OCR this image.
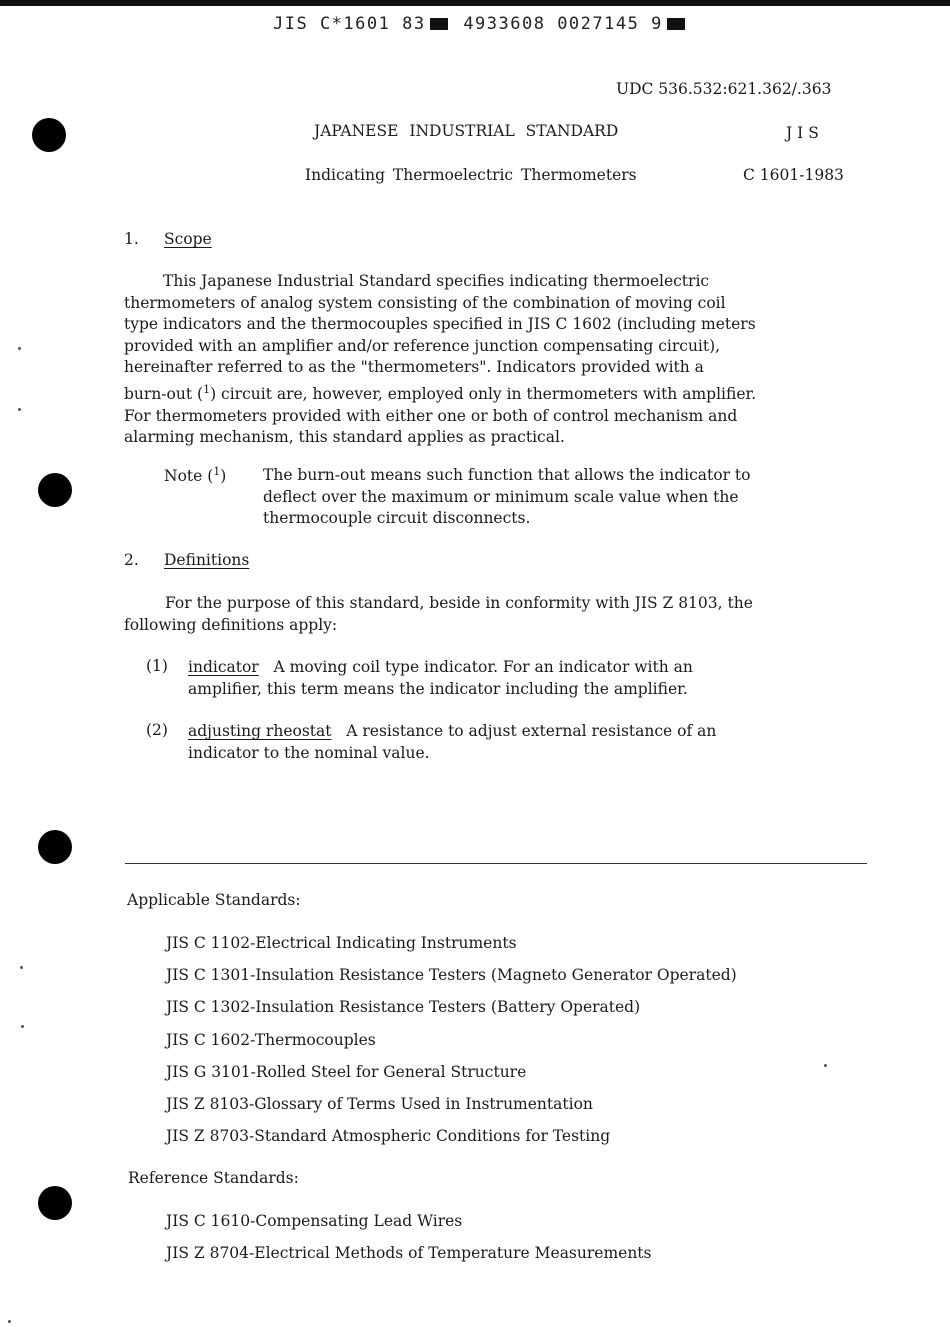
JIS C*1601 83 4933608 0027145 9
UDC 536.532:621.362/.363
JAPANESE INDUSTRIAL STANDARD	J I S
Indicating Thermoelectric Thermometers	C 1601-1983
1. Scope

This Japanese Industrial Standard specifies indicating thermoelectric

thermometers of analog system consisting of the combination of moving coil

type indicators and the thermocouples specified in JIS C 1602 (including meters

provided with an amplifier and/or reference junction compensating circuit),

hereinafter referred to as the "thermometers". Indicators provided with a

burn-out ($^1$) circuit are, however, employed only in thermometers with amplifier.

For thermometers provided with either one or both of control mechanism and

alarming mechanism, this standard applies as practical.

Note ($^1$) The burn-out means such function that allows the indicator to

deflect over the maximum or minimum scale value when the

thermocouple circuit disconnects.

2. Definitions

For the purpose of this standard, beside in conformity with JIS Z 8103, the

following definitions apply:

(1) indicator A moving coil type indicator. For an indicator with an

amplifier, this term means the indicator including the amplifier.

(2) adjusting rheostat A resistance to adjust external resistance of an

indicator to the nominal value.

Applicable Standards:
JIS C 1102-Electrical Indicating Instruments
JIS C 1301-Insulation Resistance Testers (Magneto Generator Operated)
JIS C 1302-Insulation Resistance Testers (Battery Operated)
JIS C 1602-Thermocouples
JIS G 3101-Rolled Steel for General Structure
JIS Z 8103-Glossary of Terms Used in Instrumentation
JIS Z 8703-Standard Atmospheric Conditions for Testing
Reference Standards:
JIS C 1610-Compensating Lead Wires
JIS Z 8704-Electrical Methods of Temperature Measurements
